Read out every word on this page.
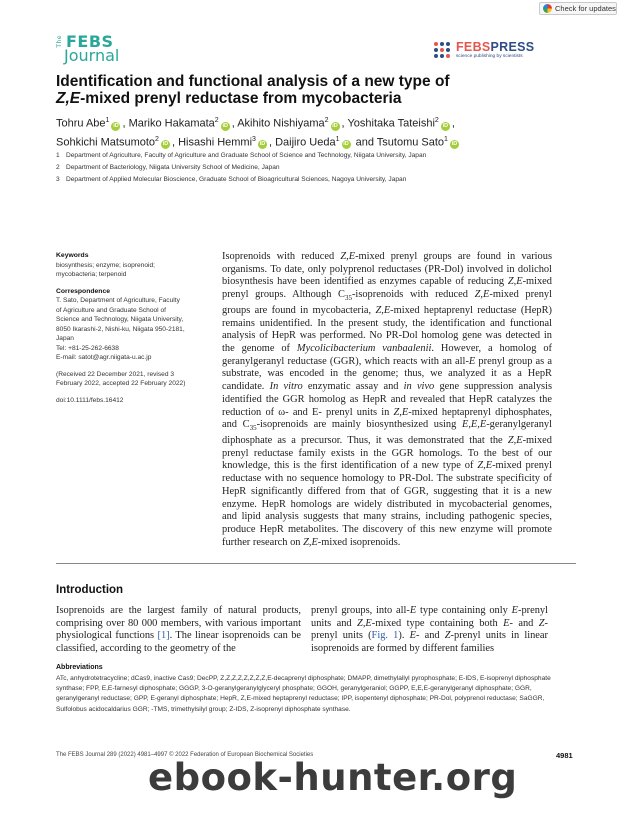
Check for updates
The FEBS
Journal	FEBSPRESS
science publishing by scientists
Identification and functional analysis of a new type of
Z,E-mixed prenyl reductase from mycobacteria
Tohru Abe$^1$iD , Mariko Hakamata$^2$iD , Akihito Nishiyama$^2$iD , Yoshitaka Tateishi$^2$iD ,
Sohkichi Matsumoto$^2$iD , Hisashi Hemmi$^3$iD , Daijiro Ueda$^1$iD and Tsutomu Sato$^1$iD
1 Department of Agriculture, Faculty of Agriculture and Graduate School of Science and Technology, Niigata University, Japan
2 Department of Bacteriology, Niigata University School of Medicine, Japan
3 Department of Applied Molecular Bioscience, Graduate School of Bioagricultural Sciences, Nagoya University, Japan
Keywords
biosynthesis; enzyme; isoprenoid; mycobacteria; terpenoid
Correspondence
T. Sato, Department of Agriculture, Faculty
of Agriculture and Graduate School of
Science and Technology, Niigata University,
8050 Ikarashi-2, Nishi-ku, Niigata 950-2181,
Japan
Tel: +81-25-262-6638
E-mail: satot@agr.niigata-u.ac.jp
(Received 22 December 2021, revised 3
February 2022, accepted 22 February 2022)
doi:10.1111/febs.16412
Isoprenoids with reduced Z,E-mixed prenyl groups are found in various organisms. To date, only polyprenol reductases (PR-Dol) involved in dolichol biosynthesis have been identified as enzymes capable of reducing Z,E-mixed prenyl groups. Although $C_{35}$-isoprenoids with reduced Z,E-mixed prenyl groups are found in mycobacteria, Z,E-mixed heptaprenyl reductase (HepR) remains unidentified. In the present study, the identification and functional analysis of HepR was performed. No PR-Dol homolog gene was detected in the genome of Mycolicibacterium vanbaalenii. However, a homolog of geranylgeranyl reductase (GGR), which reacts with an all-E prenyl group as a substrate, was encoded in the genome; thus, we analyzed it as a HepR candidate. In vitro enzymatic assay and in vivo gene suppression analysis identified the GGR homolog as HepR and revealed that HepR catalyzes the reduction of ω- and E- prenyl units in Z,E-mixed heptaprenyl diphosphates, and $C_{35}$-isoprenoids are mainly biosynthesized using E,E,E-geranylgeranyl diphosphate as a precursor. Thus, it was demonstrated that the Z,E-mixed prenyl reductase family exists in the GGR homologs. To the best of our knowledge, this is the first identification of a new type of Z,E-mixed prenyl reductase with no sequence homology to PR-Dol. The substrate specificity of HepR significantly differed from that of GGR, suggesting that it is a new enzyme. HepR homologs are widely distributed in mycobacterial genomes, and lipid analysis suggests that many strains, including pathogenic species, produce HepR metabolites. The discovery of this new enzyme will promote further research on Z,E-mixed isoprenoids.
Introduction
Isoprenoids are the largest family of natural products, comprising over 80 000 members, with various important physiological functions [1]. The linear isoprenoids can be classified, according to the geometry of the
prenyl groups, into all-E type containing only E-prenyl units and Z,E-mixed type containing both E- and Z-prenyl units (Fig. 1). E- and Z-prenyl units in linear isoprenoids are formed by different families
Abbreviations
ATc, anhydrotetracycline; dCas9, inactive Cas9; DecPP, Z,Z,Z,Z,Z,Z,Z,Z,E-decaprenyl diphosphate; DMAPP, dimethylallyl pyrophosphate; E-IDS, E-isoprenyl diphosphate synthase; FPP, E,E-farnesyl diphosphate; GGGP, 3-O-geranylgeranylglyceryl phosphate; GGOH, geranylgeraniol; GGPP, E,E,E-geranylgeranyl diphosphate; GGR, geranylgeranyl reductase; GPP, E-geranyl diphosphate; HepR, Z,E-mixed heptaprenyl reductase; IPP, isopentenyl diphosphate; PR-Dol, polyprenol reductase; SaGGR, Sulfolobus acidocaldarius GGR; -TMS, trimethylsilyl group; Z-IDS, Z-isoprenyl diphosphate synthase.
The FEBS Journal 289 (2022) 4981–4997 © 2022 Federation of European Biochemical Societies	4981
ebook-hunter.org
